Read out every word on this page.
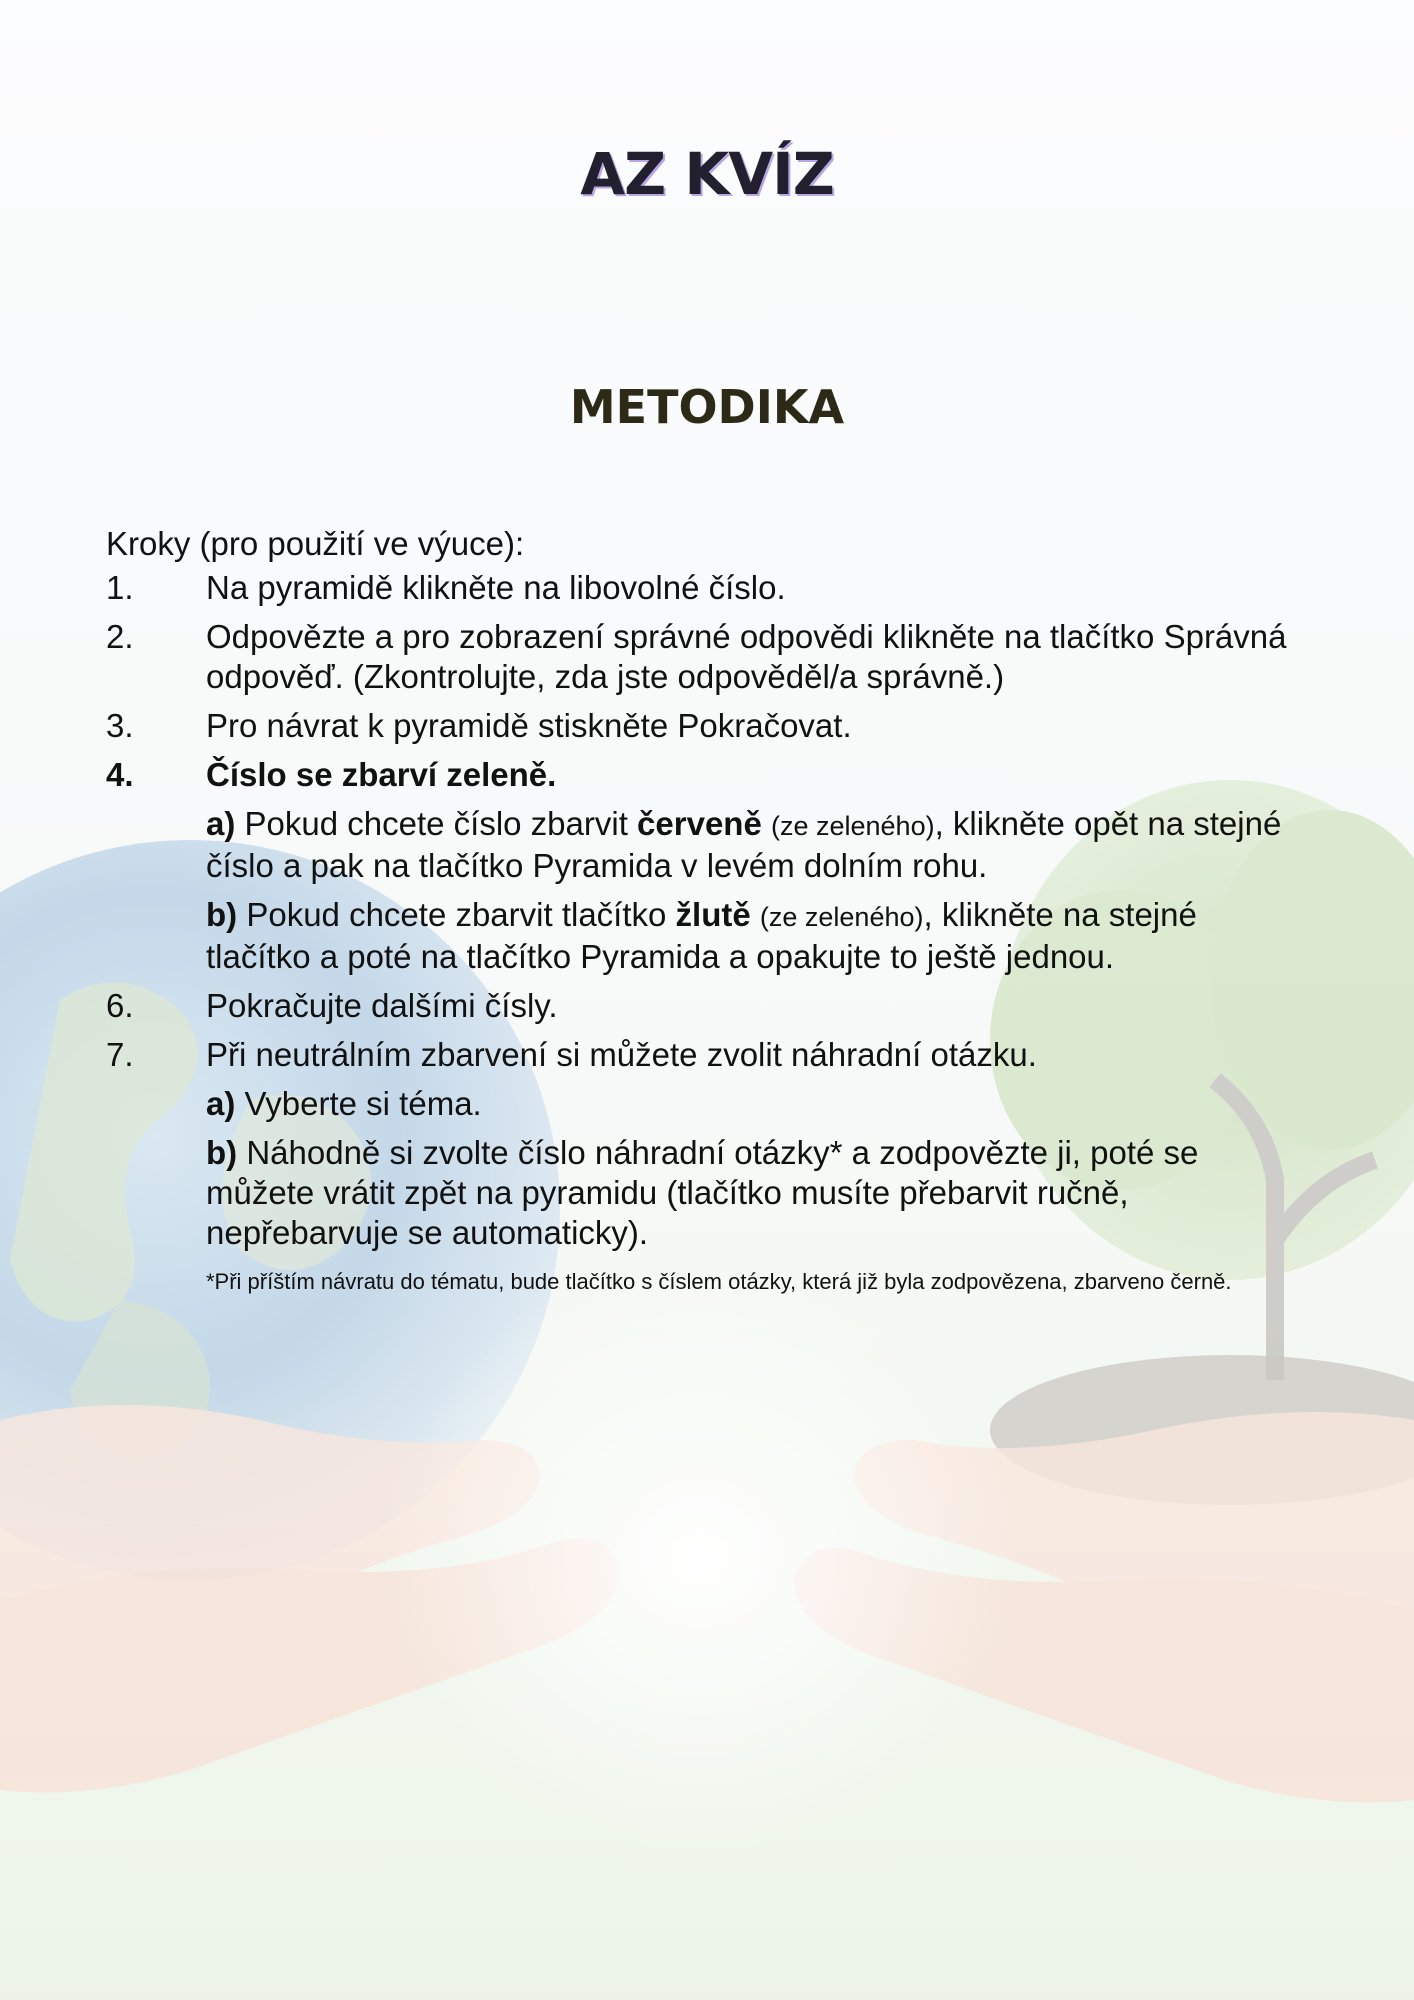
AZ KVÍZ
METODIKA
Kroky (pro použití ve výuce):
1. Na pyramidě klikněte na libovolné číslo.
2. Odpovězte a pro zobrazení správné odpovědi klikněte na tlačítko Správná odpověď. (Zkontrolujte, zda jste odpověděl/a správně.)
3. Pro návrat k pyramidě stiskněte Pokračovat.
4. Číslo se zbarví zeleně.
a) Pokud chcete číslo zbarvit červeně (ze zeleného), klikněte opět na stejné číslo a pak na tlačítko Pyramida v levém dolním rohu.
b) Pokud chcete zbarvit tlačítko žlutě (ze zeleného), klikněte na stejné tlačítko a poté na tlačítko Pyramida a opakujte to ještě jednou.
6. Pokračujte dalšími čísly.
7. Při neutrálním zbarvení si můžete zvolit náhradní otázku.
a) Vyberte si téma.
b) Náhodně si zvolte číslo náhradní otázky* a zodpovězte ji, poté se můžete vrátit zpět na pyramidu (tlačítko musíte přebarvit ručně, nepřebarvuje se automaticky).
*Při příštím návratu do tématu, bude tlačítko s číslem otázky, která již byla zodpovězena, zbarveno černě.
